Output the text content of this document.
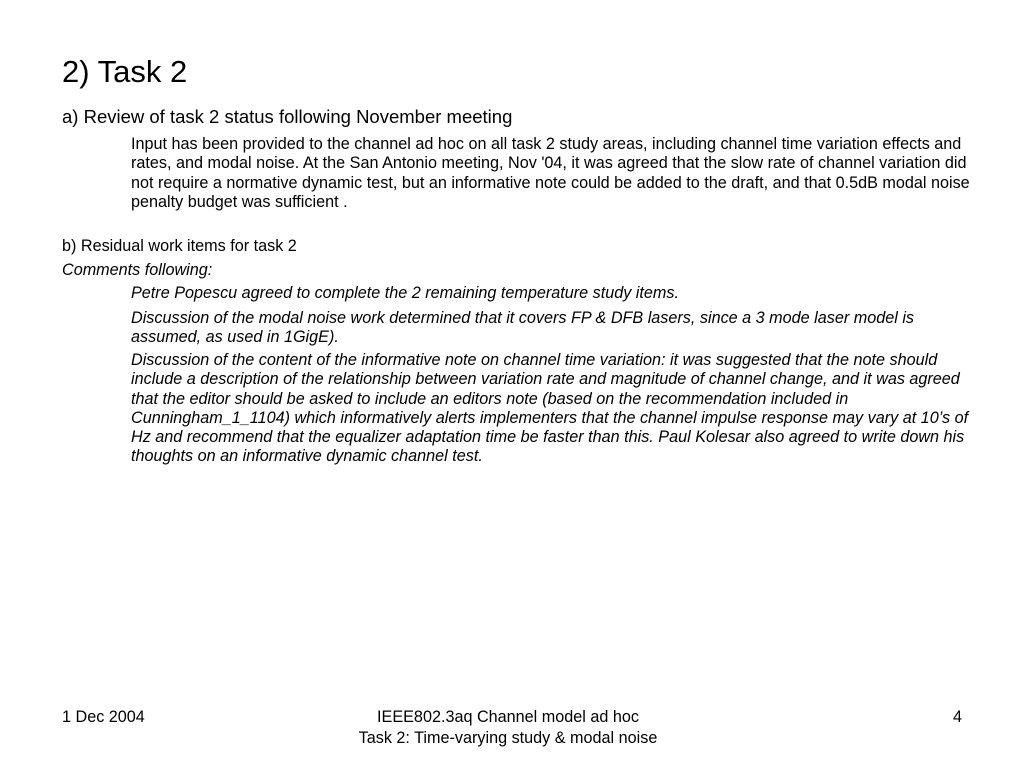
2) Task 2
a) Review of task 2 status following November meeting
Input has been provided to the channel ad hoc on all task 2 study areas, including channel time variation effects and rates, and modal noise. At the San Antonio meeting, Nov '04, it was agreed that the slow rate of channel variation did not require a normative dynamic test, but an informative note could be added to the draft, and that 0.5dB modal noise penalty budget was sufficient .
b) Residual work items for task 2
Comments following:
Petre Popescu agreed to complete the 2 remaining temperature study items.
Discussion of the modal noise work determined that it covers FP & DFB lasers, since a 3 mode laser model is assumed, as used in 1GigE).
Discussion of the content of the informative note on channel time variation: it was suggested that the note should include a description of the relationship between variation rate and magnitude of channel change, and it was agreed that the editor should be asked to include an editors note (based on the recommendation included in Cunningham_1_1104) which informatively alerts implementers that the channel impulse response may vary at 10’s of Hz and recommend that the equalizer adaptation time be faster than this. Paul Kolesar also agreed to write down his thoughts on an informative dynamic channel test.
1 Dec 2004	IEEE802.3aq Channel model ad hoc
Task 2: Time-varying study & modal noise
4
